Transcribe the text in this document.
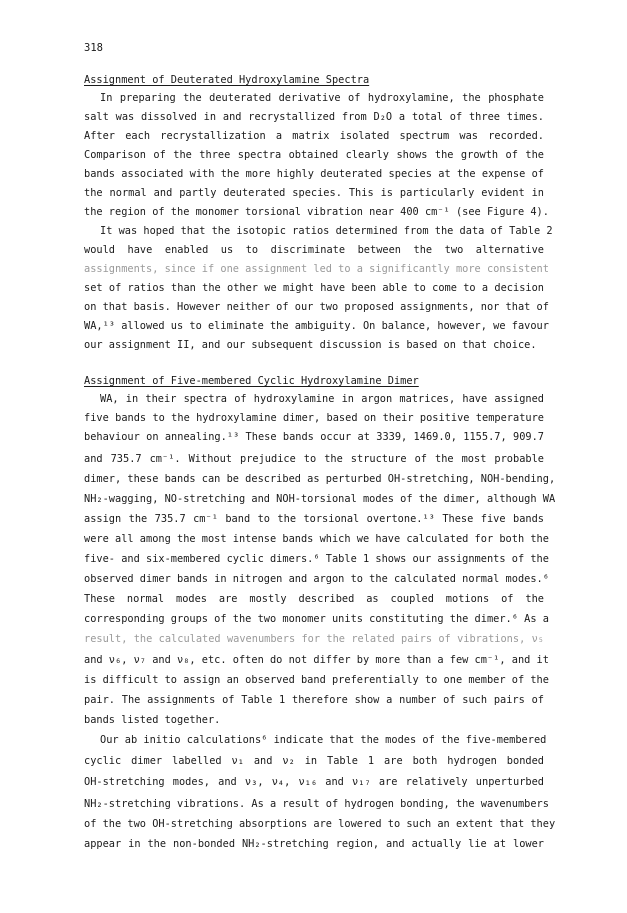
318
Assignment of Deuterated Hydroxylamine Spectra
In preparing the deuterated derivative of hydroxylamine, the phosphate
salt was dissolved in and recrystallized from D₂O a total of three times.
After each recrystallization a matrix isolated spectrum was recorded.
Comparison of the three spectra obtained clearly shows the growth of the
bands associated with the more highly deuterated species at the expense of
the normal and partly deuterated species. This is particularly evident in
the region of the monomer torsional vibration near 400 cm⁻¹ (see Figure 4).
It was hoped that the isotopic ratios determined from the data of Table 2
would have enabled us to discriminate between the two alternative
assignments, since if one assignment led to a significantly more consistent
set of ratios than the other we might have been able to come to a decision
on that basis. However neither of our two proposed assignments, nor that of
WA,¹³ allowed us to eliminate the ambiguity. On balance, however, we favour
our assignment II, and our subsequent discussion is based on that choice.
Assignment of Five-membered Cyclic Hydroxylamine Dimer
WA, in their spectra of hydroxylamine in argon matrices, have assigned
five bands to the hydroxylamine dimer, based on their positive temperature
behaviour on annealing.¹³ These bands occur at 3339, 1469.0, 1155.7, 909.7
and 735.7 cm⁻¹. Without prejudice to the structure of the most probable
dimer, these bands can be described as perturbed OH-stretching, NOH-bending,
NH₂-wagging, NO-stretching and NOH-torsional modes of the dimer, although WA
assign the 735.7 cm⁻¹ band to the torsional overtone.¹³ These five bands
were all among the most intense bands which we have calculated for both the
five- and six-membered cyclic dimers.⁶ Table 1 shows our assignments of the
observed dimer bands in nitrogen and argon to the calculated normal modes.⁶
These normal modes are mostly described as coupled motions of the
corresponding groups of the two monomer units constituting the dimer.⁶ As a
result, the calculated wavenumbers for the related pairs of vibrations, ν₅
and ν₆, ν₇ and ν₈, etc. often do not differ by more than a few cm⁻¹, and it
is difficult to assign an observed band preferentially to one member of the
pair. The assignments of Table 1 therefore show a number of such pairs of
bands listed together.
Our ab initio calculations⁶ indicate that the modes of the five-membered
cyclic dimer labelled ν₁ and ν₂ in Table 1 are both hydrogen bonded
OH-stretching modes, and ν₃, ν₄, ν₁₆ and ν₁₇ are relatively unperturbed
NH₂-stretching vibrations. As a result of hydrogen bonding, the wavenumbers
of the two OH-stretching absorptions are lowered to such an extent that they
appear in the non-bonded NH₂-stretching region, and actually lie at lower
